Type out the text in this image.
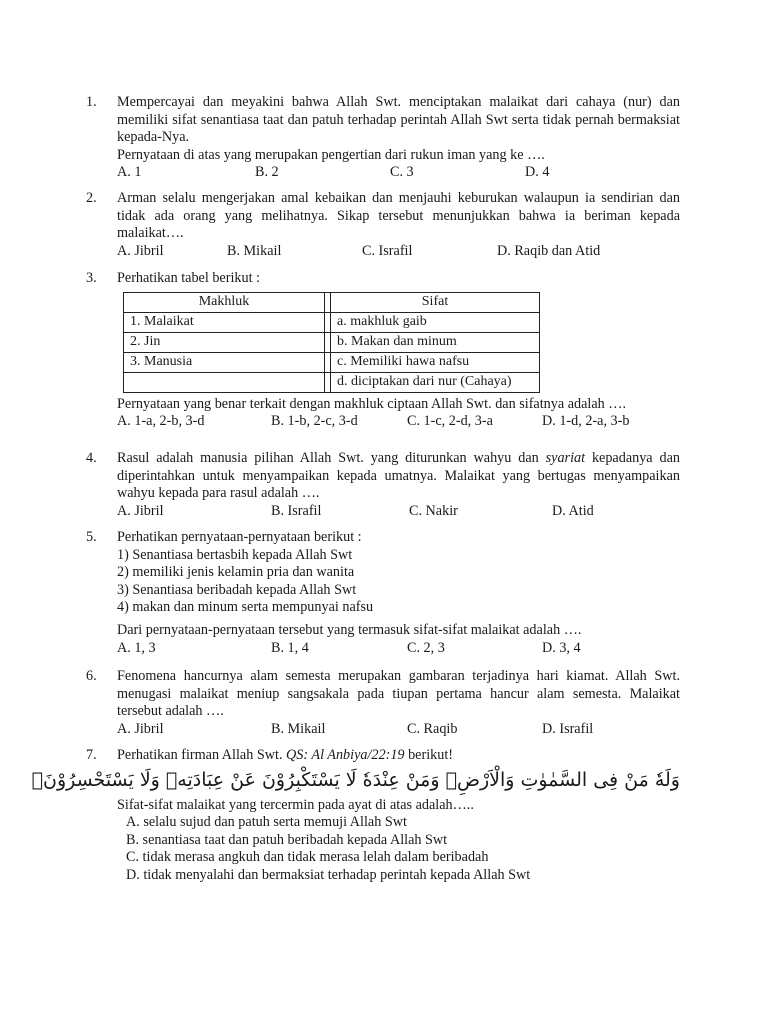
1. Mempercayai dan meyakini bahwa Allah Swt. menciptakan malaikat dari cahaya (nur) dan memiliki sifat senantiasa taat dan patuh terhadap perintah Allah Swt serta tidak pernah bermaksiat kepada-Nya.
Pernyataan di atas yang merupakan pengertian dari rukun iman yang ke ….
A. 1	B. 2	C. 3	D. 4
2. Arman selalu mengerjakan amal kebaikan dan menjauhi keburukan walaupun ia sendirian dan tidak ada orang yang melihatnya. Sikap tersebut menunjukkan bahwa ia beriman kepada malaikat….
A. Jibril	B. Mikail	C. Israfil	D. Raqib dan Atid
3. Perhatikan tabel berikut :
Makhluk		Sifat
1. Malaikat		a. makhluk gaib
2. Jin		b. Makan dan minum
3. Manusia		c. Memiliki hawa nafsu
		d. diciptakan dari nur (Cahaya)
Pernyataan yang benar terkait dengan makhluk ciptaan Allah Swt. dan sifatnya adalah ….
A. 1-a, 2-b, 3-d	B. 1-b, 2-c, 3-d	C. 1-c, 2-d, 3-a	D. 1-d, 2-a, 3-b
4. Rasul adalah manusia pilihan Allah Swt. yang diturunkan wahyu dan syariat kepadanya dan diperintahkan untuk menyampaikan kepada umatnya. Malaikat yang bertugas menyampaikan wahyu kepada para rasul adalah ….
A. Jibril	B. Israfil	C. Nakir	D. Atid
5. Perhatikan pernyataan-pernyataan berikut :
1) Senantiasa bertasbih kepada Allah Swt
2) memiliki jenis kelamin pria dan wanita
3) Senantiasa beribadah kepada Allah Swt
4) makan dan minum serta mempunyai nafsu
Dari pernyataan-pernyataan tersebut yang termasuk sifat-sifat malaikat adalah ….
A. 1, 3	B. 1, 4	C. 2, 3	D. 3, 4
6. Fenomena hancurnya alam semesta merupakan gambaran terjadinya hari kiamat. Allah Swt. menugasi malaikat meniup sangsakala pada tiupan pertama hancur alam semesta. Malaikat tersebut adalah ….
A. Jibril	B. Mikail	C. Raqib	D. Israfil
7. Perhatikan firman Allah Swt. QS: Al Anbiya/22:19 berikut!
وَلَهٗ مَنْ فِى السَّمٰوٰتِ وَالْاَرْضِۗ وَمَنْ عِنْدَهٗ لَا يَسْتَكْبِرُوْنَ عَنْ عِبَادَتِهٖ وَلَا يَسْتَحْسِرُوْنَۚ
Sifat-sifat malaikat yang tercermin pada ayat di atas adalah…..
A. selalu sujud dan patuh serta memuji Allah Swt
B. senantiasa taat dan patuh beribadah kepada Allah Swt
C. tidak merasa angkuh dan tidak merasa lelah dalam beribadah
D. tidak menyalahi dan bermaksiat terhadap perintah kepada Allah Swt
